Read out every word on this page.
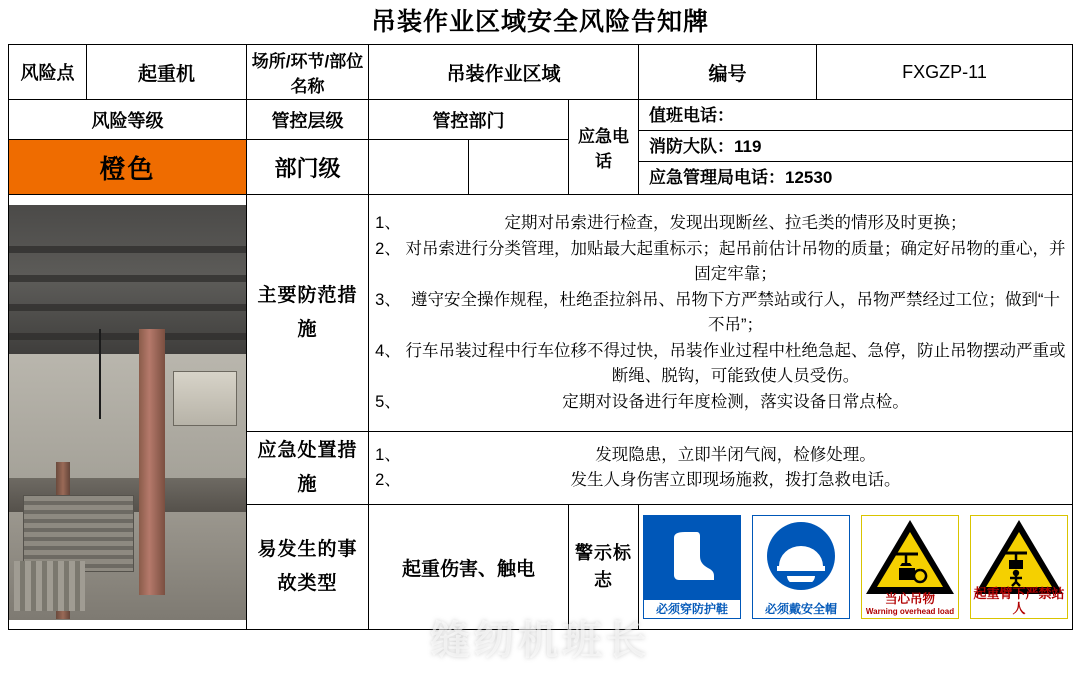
吊装作业区域安全风险告知牌
风险点	起重机	场所/环节/部位名称	吊装作业区域			编号	FXGZP-11
风险等级		管控层级	管控部门		应急电话	值班电话：
消防大队：119
应急管理局电话：12530	

橙色		部门级					

	主要防范措施	
1、	定期对吊索进行检查，发现出现断丝、拉毛类的情形及时更换；
2、 对吊索进行分类管理，加贴最大起重标示；起吊前估计吊物的质量；确定好吊物的重心，并固定牢靠；
3、 遵守安全操作规程，杜绝歪拉斜吊、吊物下方严禁站或行人，吊物严禁经过工位；做到“十不吊”；
4、 行车吊装过程中行车位移不得过快，吊装作业过程中杜绝急起、急停，防止吊物摆动严重或断绳、脱钩，可能致使人员受伤。
5、	定期对设备进行年度检测，落实设备日常点检。

		应急处置措施	1、 发现隐患，立即半闭气阀，检修处理。
2、 发生人身伤害立即现场施救，拨打急救电话。				

		易发生的事故类型	起重伤害、触电		警示标志	必须穿防护鞋 必须戴安全帽
当心吊物
Warning overhead load
起重臂下严禁站人	
缝纫机班长
